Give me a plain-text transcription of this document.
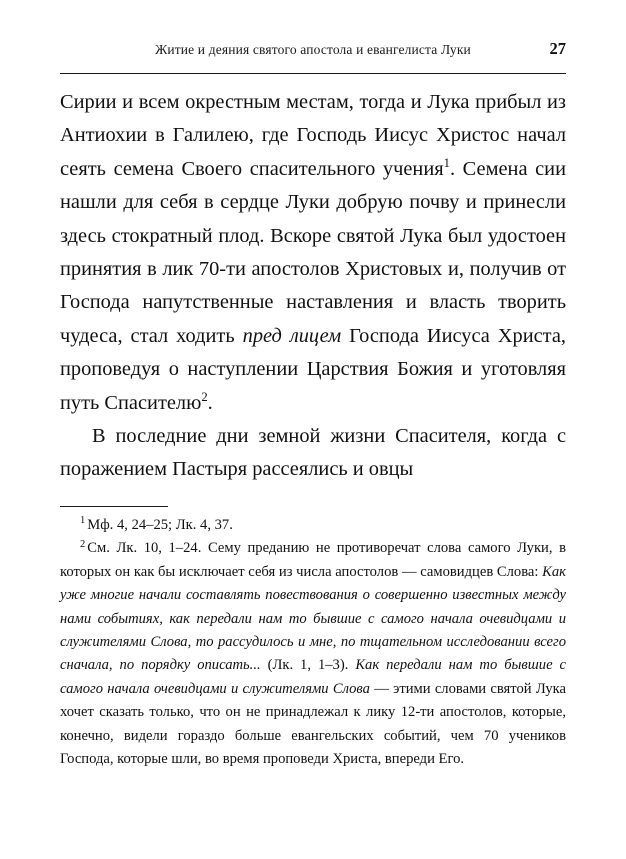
Житие и деяния святого апостола и евангелиста Луки	27

Сирии и всем окрестным местам, тогда и Лука прибыл из Антиохии в Галилею, где Господь Иисус Христос начал сеять семена Своего спасительного учения$^1$. Семена сии нашли для себя в сердце Луки добрую почву и принесли здесь стократный плод. Вскоре святой Лука был удостоен принятия в лик 70-ти апостолов Христовых и, получив от Господа напутственные наставления и власть творить чудеса, стал ходить пред лицем Господа Иисуса Христа, проповедуя о наступлении Царствия Божия и уготовляя путь Спасителю$^2$.

В последние дни земной жизни Спасителя, когда с поражением Пастыря рассеялись и овцы

$^1$ Мф. 4, 24–25; Лк. 4, 37.

$^2$ См. Лк. 10, 1–24. Сему преданию не противоречат слова самого Луки, в которых он как бы исключает себя из числа апостолов — самовидцев Слова: Как уже многие начали составлять повествования о совершенно известных между нами событиях, как передали нам то бывшие с самого начала очевидцами и служителями Слова, то рассудилось и мне, по тщательном исследовании всего сначала, по порядку описать... (Лк. 1, 1–3). Как передали нам то бывшие с самого начала очевидцами и служителями Слова — этими словами святой Лука хочет сказать только, что он не принадлежал к лику 12-ти апостолов, которые, конечно, видели гораздо больше евангельских событий, чем 70 учеников Господа, которые шли, во время проповеди Христа, впереди Его.
